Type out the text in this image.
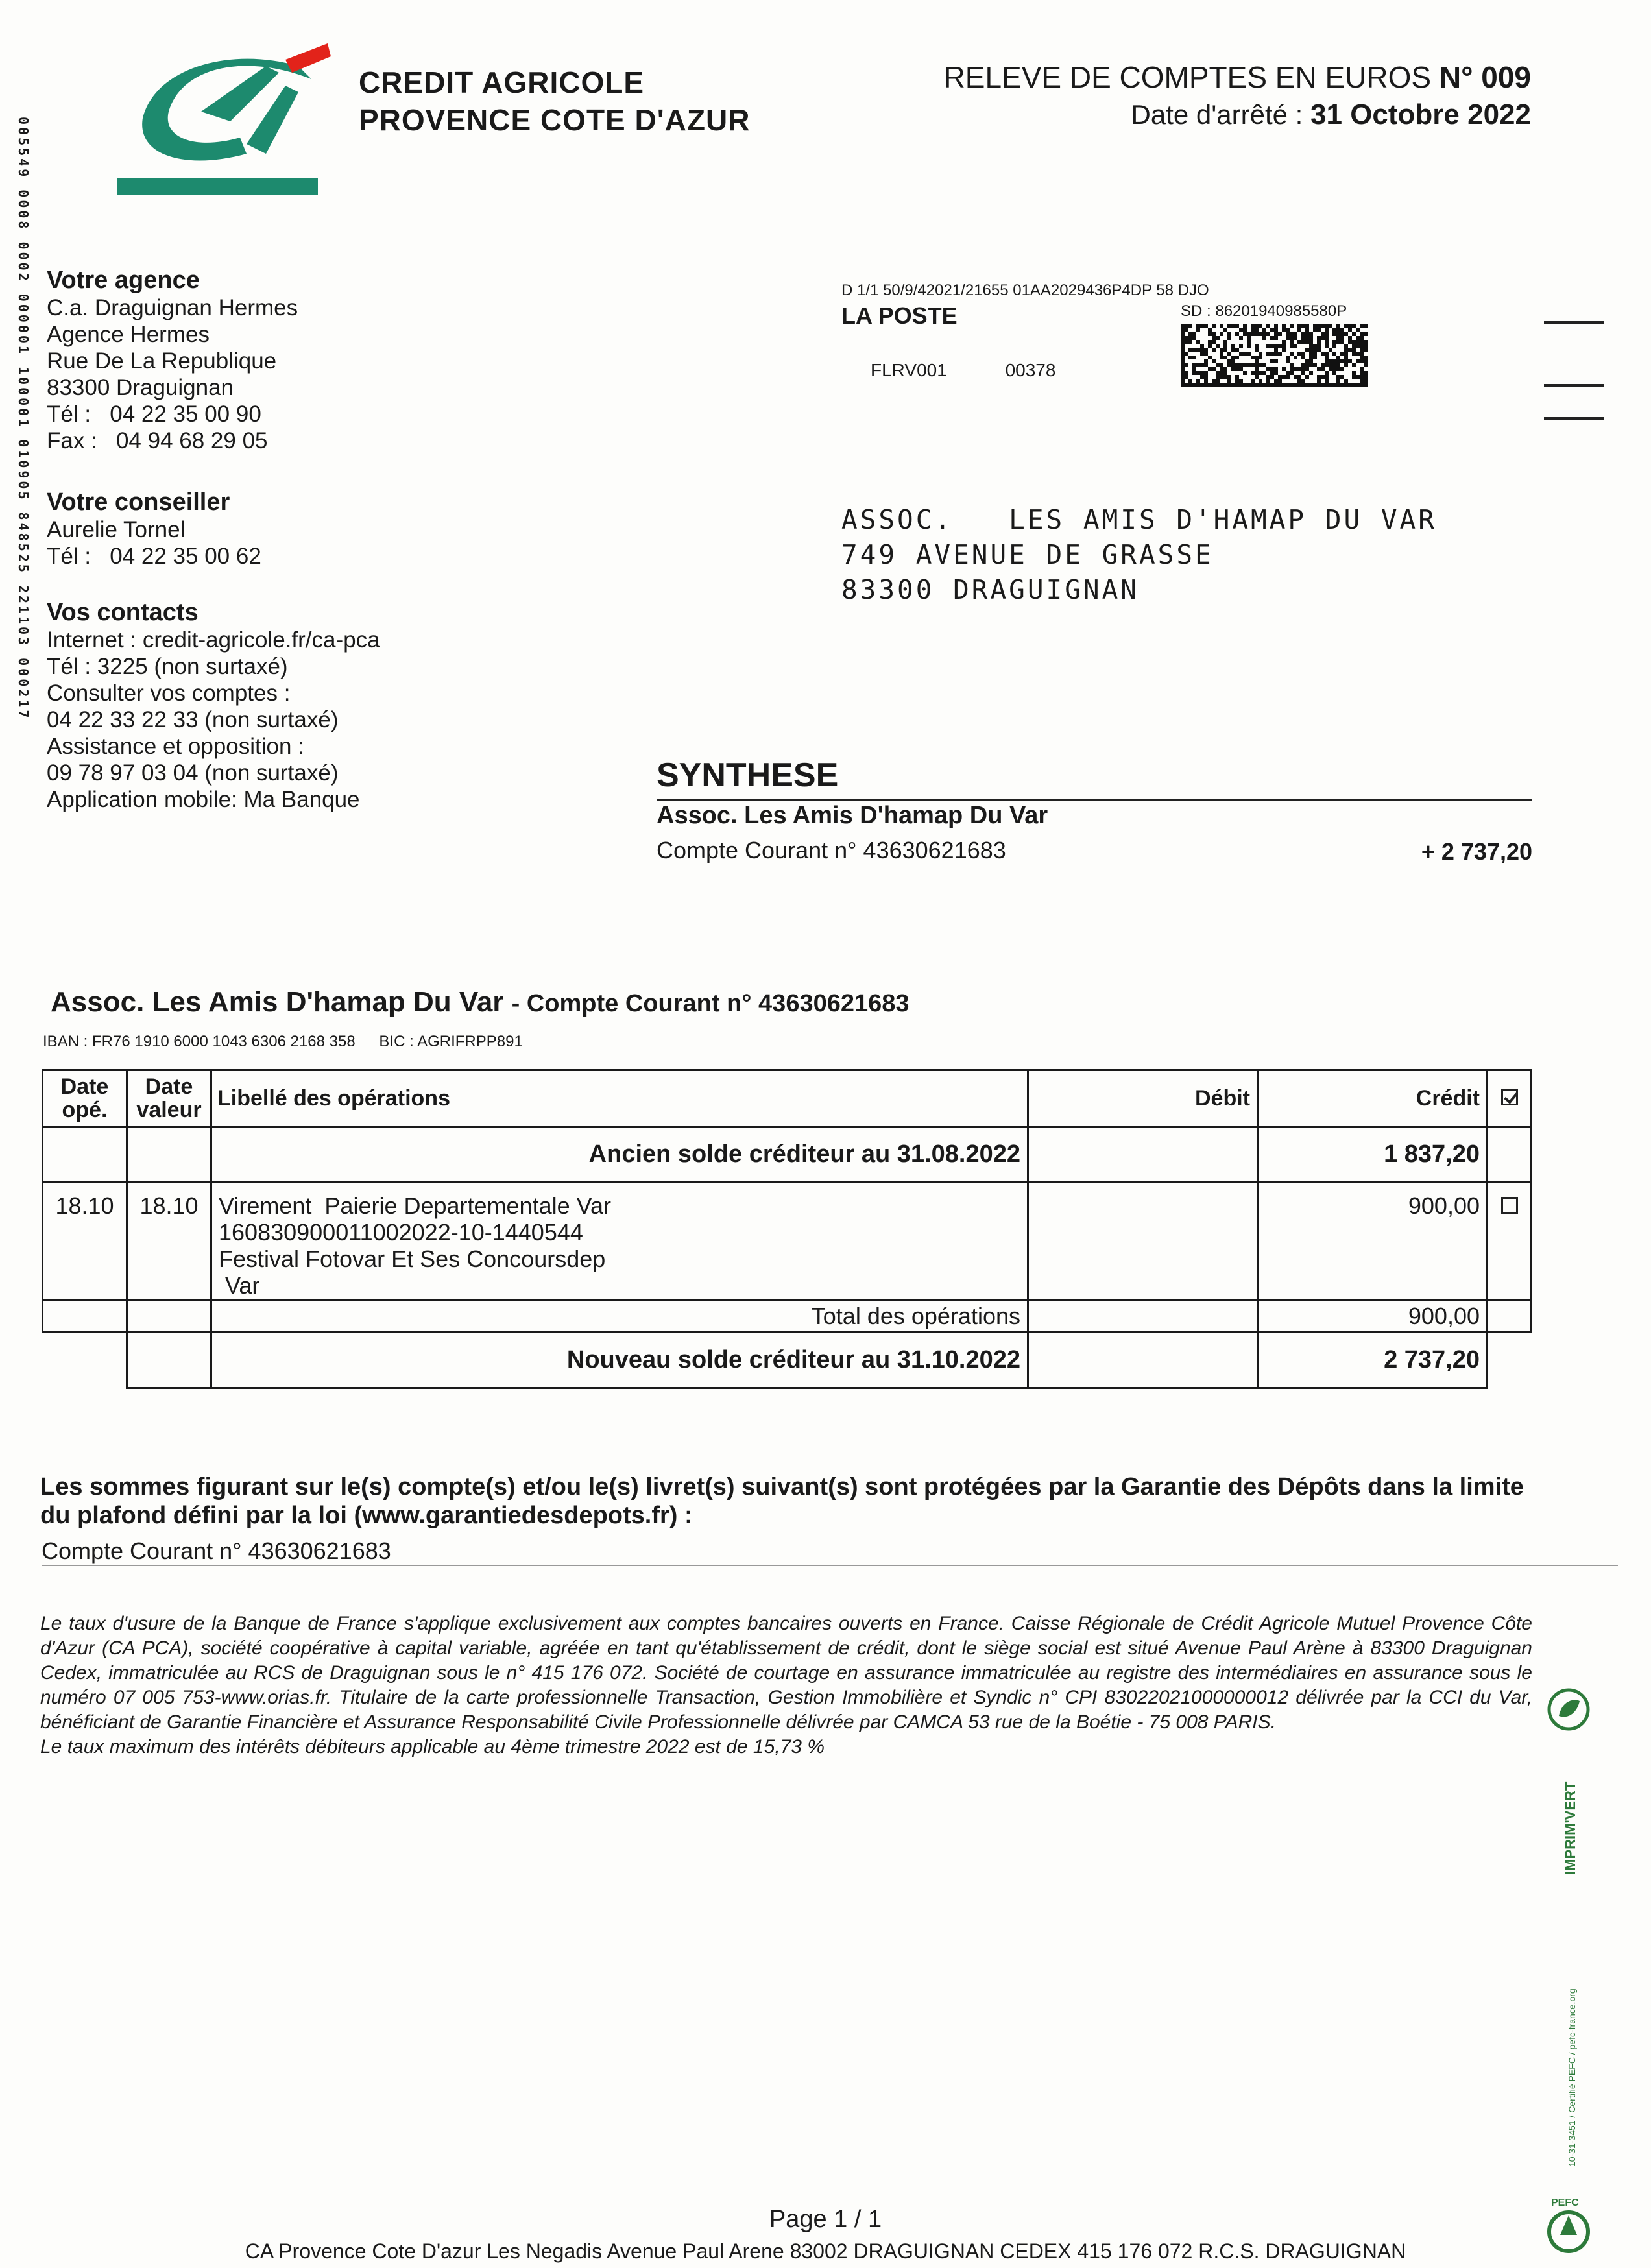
CREDIT AGRICOLE
PROVENCE COTE D'AZUR
RELEVE DE COMPTES EN EUROS N° 009
Date d'arrêté : 31 Octobre 2022
005549 0008 0002 000001 100001 010905 848525 221103 000217 Votre agence
C.a. Draguignan Hermes
Agence Hermes
Rue De La Republique
83300 Draguignan
Tél :   04 22 35 00 90
Fax :   04 94 68 29 05
Votre conseiller
Aurelie Tornel
Tél :   04 22 35 00 62
Vos contacts
Internet : credit-agricole.fr/ca-pca
Tél : 3225 (non surtaxé)
Consulter vos comptes :
04 22 33 22 33 (non surtaxé)
Assistance et opposition :
09 78 97 03 04 (non surtaxé)
Application mobile: Ma Banque
D 1/1 50/9/42021/21655 01AA2029436P4DP 58 DJO
LA POSTE	SD : 86201940985580P
FLRV001	00378
ASSOC.   LES AMIS D'HAMAP DU VAR
749 AVENUE DE GRASSE
83300 DRAGUIGNAN
SYNTHESE
Assoc. Les Amis D'hamap Du Var
Compte Courant n° 43630621683	+ 2 737,20
Assoc. Les Amis D'hamap Du Var - Compte Courant n° 43630621683
IBAN : FR76 1910 6000 1043 6306 2168 358 BIC : AGRIFRPP891
Date
opé.	Date
valeur	Libellé des opérations	Débit	Crédit	
		Ancien solde créditeur au 31.08.2022		1 837,20	
18.10	18.10	Virement  Paierie Departementale Var
16083090001100202​2-10-1440544
Festival Fotovar Et Ses Concoursdep
Var		900,00	
		Total des opérations		900,00	
		Nouveau solde créditeur au 31.10.2022		2 737,20	
Les sommes figurant sur le(s) compte(s) et/ou le(s) livret(s) suivant(s) sont protégées par la Garantie des Dépôts dans la limite du plafond défini par la loi (www.garantiedesdepots.fr) :
Compte Courant n° 43630621683

Le taux d'usure de la Banque de France s'applique exclusivement aux comptes bancaires ouverts en France. Caisse Régionale de Crédit Agricole Mutuel Provence Côte d'Azur (CA PCA), société coopérative à capital variable, agréée en tant qu'établissement de crédit, dont le siège social est situé Avenue Paul Arène à 83300 Draguignan Cedex, immatriculée au RCS de Draguignan sous le n° 415 176 072. Société de courtage en assurance immatriculée au registre des intermédiaires en assurance sous le numéro 07 005 753-www.orias.fr. Titulaire de la carte professionnelle Transaction, Gestion Immobilière et Syndic n° CPI 83022021000000012 délivrée par la CCI du Var, bénéficiant de Garantie Financière et Assurance Responsabilité Civile Professionnelle délivrée par CAMCA 53 rue de la Boétie - 75 008 PARIS.

Le taux maximum des intérêts débiteurs applicable au 4ème trimestre 2022 est de 15,73 %

IMPRIM'VERT
10-31-3451 / Certifié PEFC / pefc-france.org
PEFC
Page 1 / 1
CA Provence Cote D'azur Les Negadis Avenue Paul Arene 83002 DRAGUIGNAN CEDEX 415 176 072 R.C.S. DRAGUIGNAN
